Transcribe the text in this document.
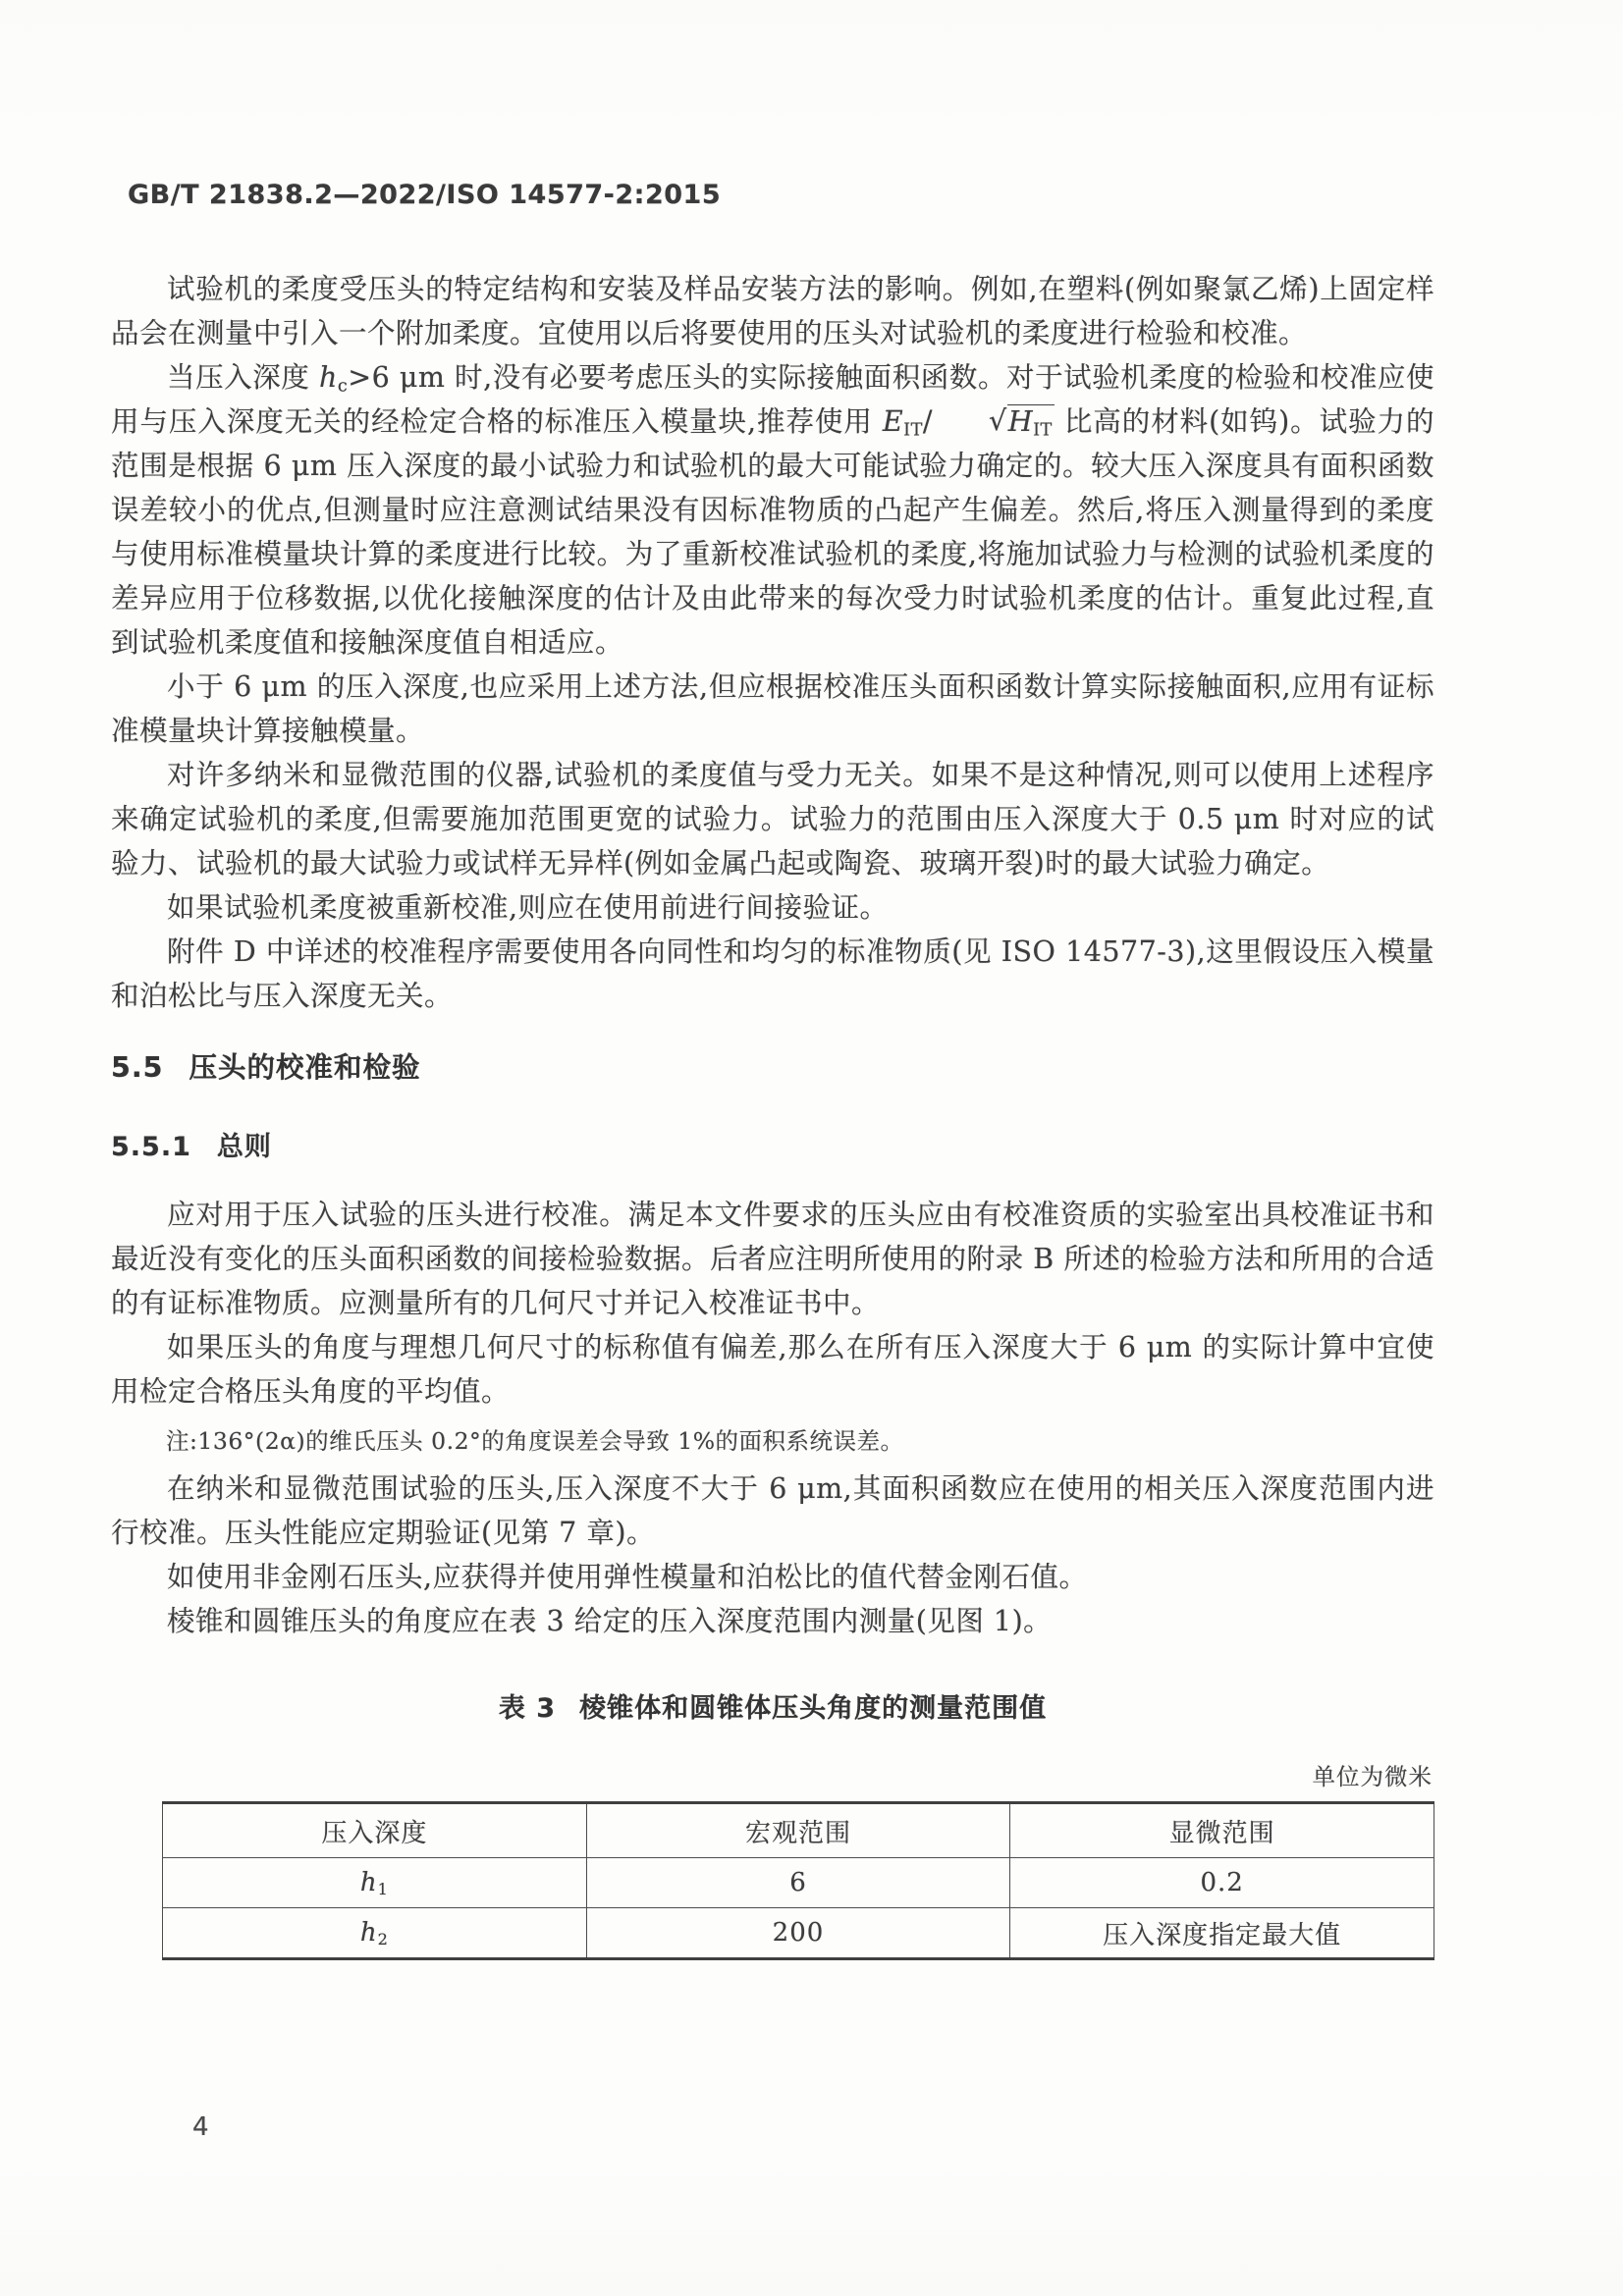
GB/T 21838.2—2022/ISO 14577-2:2015

试验机的柔度受压头的特定结构和安装及样品安装方法的影响。例如,在塑料(例如聚氯乙烯)上固定样品会在测量中引入一个附加柔度。宜使用以后将要使用的压头对试验机的柔度进行检验和校准。

当压入深度 $h_c>6$ μm 时,没有必要考虑压头的实际接触面积函数。对于试验机柔度的检验和校准应使用与压入深度无关的经检定合格的标准压入模量块,推荐使用 $E_{IT}/$ $√H_{IT}$ 比高的材料(如钨)。试验力的范围是根据 6 μm 压入深度的最小试验力和试验机的最大可能试验力确定的。较大压入深度具有面积函数误差较小的优点,但测量时应注意测试结果没有因标准物质的凸起产生偏差。然后,将压入测量得到的柔度与使用标准模量块计算的柔度进行比较。为了重新校准试验机的柔度,将施加试验力与检测的试验机柔度的差异应用于位移数据,以优化接触深度的估计及由此带来的每次受力时试验机柔度的估计。重复此过程,直到试验机柔度值和接触深度值自相适应。

小于 6 μm 的压入深度,也应采用上述方法,但应根据校准压头面积函数计算实际接触面积,应用有证标准模量块计算接触模量。

对许多纳米和显微范围的仪器,试验机的柔度值与受力无关。如果不是这种情况,则可以使用上述程序来确定试验机的柔度,但需要施加范围更宽的试验力。试验力的范围由压入深度大于 0.5 μm 时对应的试验力、试验机的最大试验力或试样无异样(例如金属凸起或陶瓷、玻璃开裂)时的最大试验力确定。

如果试验机柔度被重新校准,则应在使用前进行间接验证。

附件 D 中详述的校准程序需要使用各向同性和均匀的标准物质(见 ISO 14577-3),这里假设压入模量和泊松比与压入深度无关。

5.5 压头的校准和检验
5.5.1 总则

应对用于压入试验的压头进行校准。满足本文件要求的压头应由有校准资质的实验室出具校准证书和最近没有变化的压头面积函数的间接检验数据。后者应注明所使用的附录 B 所述的检验方法和所用的合适的有证标准物质。应测量所有的几何尺寸并记入校准证书中。

如果压头的角度与理想几何尺寸的标称值有偏差,那么在所有压入深度大于 6 μm 的实际计算中宜使用检定合格压头角度的平均值。

注:136°(2α)的维氏压头 0.2°的角度误差会导致 1%的面积系统误差。

在纳米和显微范围试验的压头,压入深度不大于 6 μm,其面积函数应在使用的相关压入深度范围内进行校准。压头性能应定期验证(见第 7 章)。

如使用非金刚石压头,应获得并使用弹性模量和泊松比的值代替金刚石值。

棱锥和圆锥压头的角度应在表 3 给定的压入深度范围内测量(见图 1)。

表 3 棱锥体和圆锥体压头角度的测量范围值
单位为微米
压入深度	宏观范围	显微范围
$h_1$	6	0.2
$h_2$	200	压入深度指定最大值
4
